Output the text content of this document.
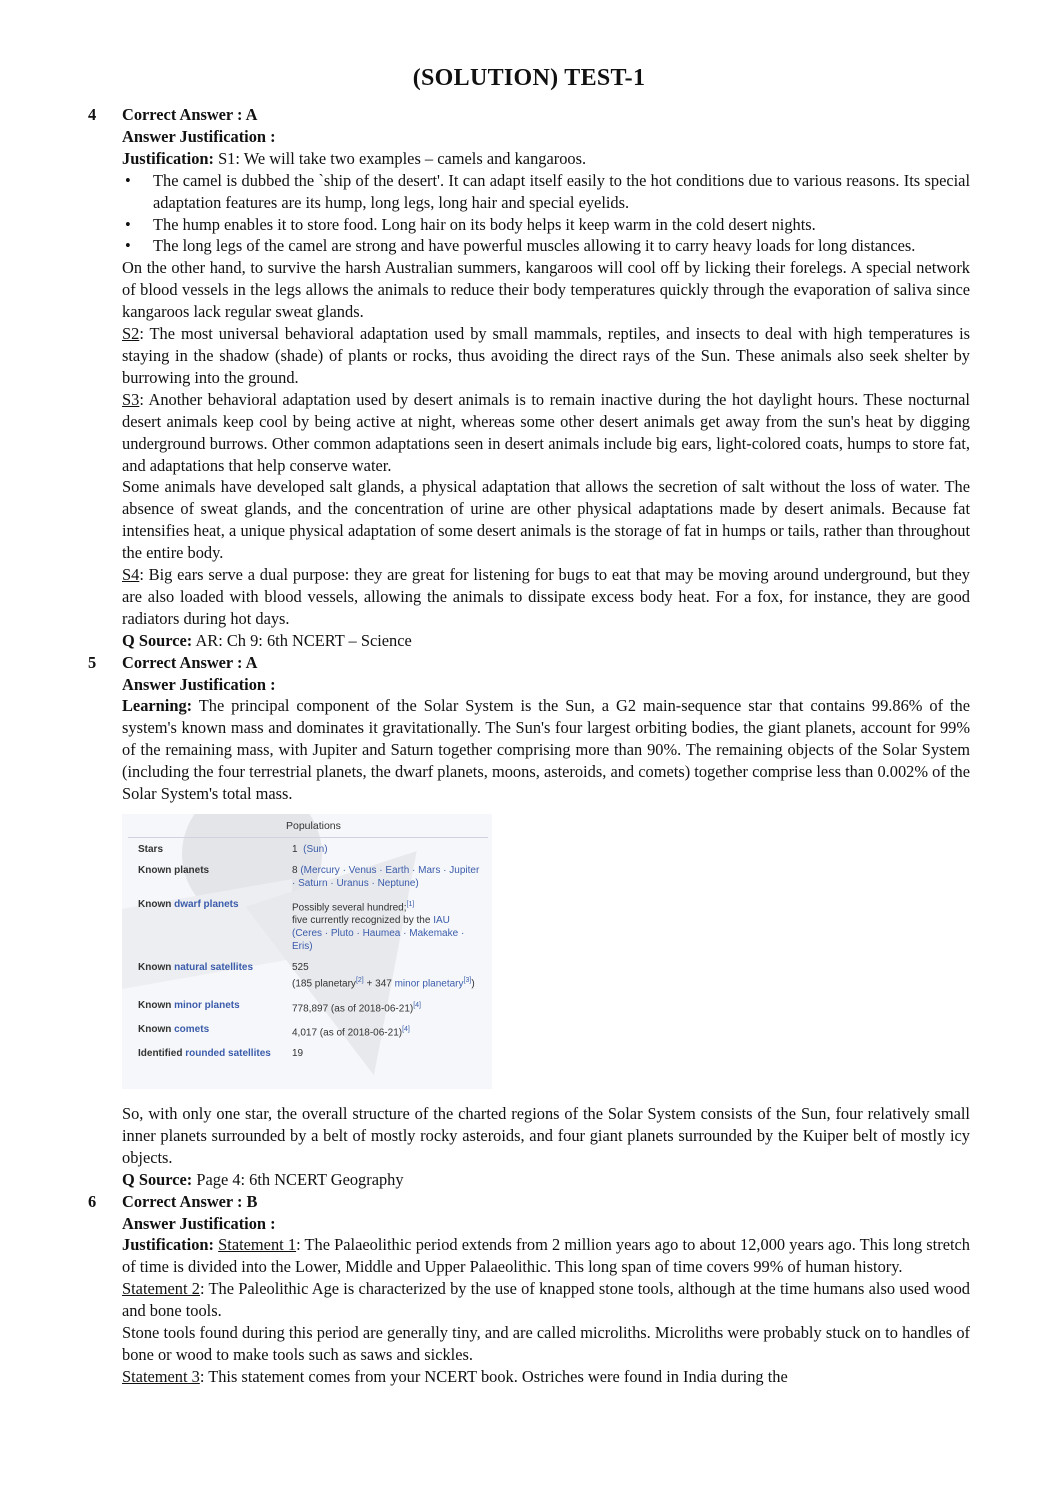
(SOLUTION) TEST-1
4 Correct Answer : A

Answer Justification :

Justification: S1: We will take two examples – camels and kangaroos.

• The camel is dubbed the `ship of the desert'. It can adapt itself easily to the hot conditions due to various reasons. Its special adaptation features are its hump, long legs, long hair and special eyelids.
• The hump enables it to store food. Long hair on its body helps it keep warm in the cold desert nights.
• The long legs of the camel are strong and have powerful muscles allowing it to carry heavy loads for long distances.

On the other hand, to survive the harsh Australian summers, kangaroos will cool off by licking their forelegs. A special network of blood vessels in the legs allows the animals to reduce their body temperatures quickly through the evaporation of saliva since kangaroos lack regular sweat glands.

S2: The most universal behavioral adaptation used by small mammals, reptiles, and insects to deal with high temperatures is staying in the shadow (shade) of plants or rocks, thus avoiding the direct rays of the Sun. These animals also seek shelter by burrowing into the ground.

S3: Another behavioral adaptation used by desert animals is to remain inactive during the hot daylight hours. These nocturnal desert animals keep cool by being active at night, whereas some other desert animals get away from the sun's heat by digging underground burrows. Other common adaptations seen in desert animals include big ears, light-colored coats, humps to store fat, and adaptations that help conserve water.

Some animals have developed salt glands, a physical adaptation that allows the secretion of salt without the loss of water. The absence of sweat glands, and the concentration of urine are other physical adaptations made by desert animals. Because fat intensifies heat, a unique physical adaptation of some desert animals is the storage of fat in humps or tails, rather than throughout the entire body.

S4: Big ears serve a dual purpose: they are great for listening for bugs to eat that may be moving around underground, but they are also loaded with blood vessels, allowing the animals to dissipate excess body heat. For a fox, for instance, they are good radiators during hot days.

Q Source: AR: Ch 9: 6th NCERT – Science

5 Correct Answer : A

Answer Justification :

Learning: The principal component of the Solar System is the Sun, a G2 main-sequence star that contains 99.86% of the system's known mass and dominates it gravitationally. The Sun's four largest orbiting bodies, the giant planets, account for 99% of the remaining mass, with Jupiter and Saturn together comprising more than 90%. The remaining objects of the Solar System (including the four terrestrial planets, the dwarf planets, moons, asteroids, and comets) together comprise less than 0.002% of the Solar System's total mass.

Populations	
Stars	1 (Sun)
Known planets	8 (Mercury · Venus · Earth · Mars · Jupiter · Saturn · Uranus · Neptune)
Known dwarf planets	Possibly several hundred;[1]
five currently recognized by the IAU
(Ceres · Pluto · Haumea · Makemake · Eris)
Known natural satellites	525
(185 planetary[2] + 347 minor planetary[3])
Known minor planets	778,897 (as of 2018-06-21)[4]
Known comets	4,017 (as of 2018-06-21)[4]
Identified rounded satellites	19

So, with only one star, the overall structure of the charted regions of the Solar System consists of the Sun, four relatively small inner planets surrounded by a belt of mostly rocky asteroids, and four giant planets surrounded by the Kuiper belt of mostly icy objects.

Q Source: Page 4: 6th NCERT Geography

6 Correct Answer : B

Answer Justification :

Justification: Statement 1: The Palaeolithic period extends from 2 million years ago to about 12,000 years ago. This long stretch of time is divided into the Lower, Middle and Upper Palaeolithic. This long span of time covers 99% of human history.

Statement 2: The Paleolithic Age is characterized by the use of knapped stone tools, although at the time humans also used wood and bone tools.

Stone tools found during this period are generally tiny, and are called microliths. Microliths were probably stuck on to handles of bone or wood to make tools such as saws and sickles.

Statement 3: This statement comes from your NCERT book. Ostriches were found in India during the
